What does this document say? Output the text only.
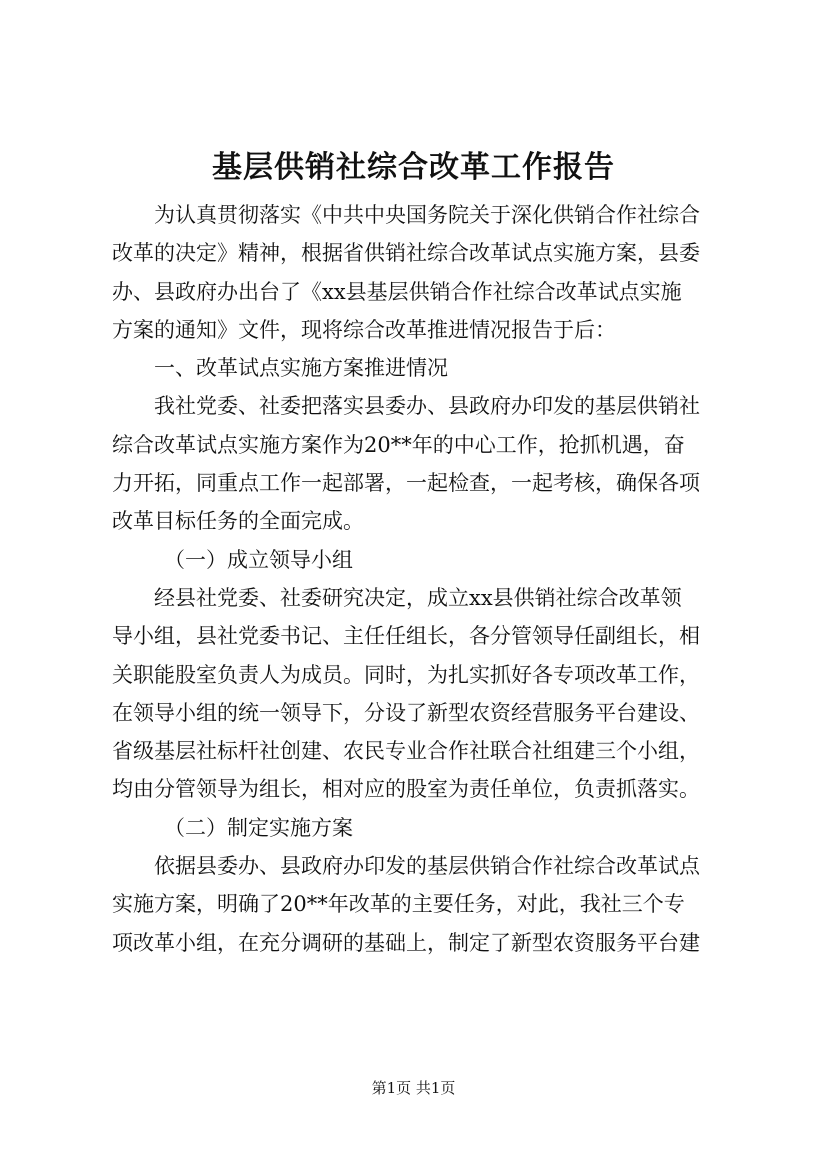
基层供销社综合改革工作报告
为认真贯彻落实《中共中央国务院关于深化供销合作社综合
改革的决定》精神，根据省供销社综合改革试点实施方案，县委
办、县政府办出台了《xx县基层供销合作社综合改革试点实施
方案的通知》文件，现将综合改革推进情况报告于后：
一、改革试点实施方案推进情况
我社党委、社委把落实县委办、县政府办印发的基层供销社
综合改革试点实施方案作为20**年的中心工作，抢抓机遇，奋
力开拓，同重点工作一起部署，一起检查，一起考核，确保各项
改革目标任务的全面完成。
（一）成立领导小组
经县社党委、社委研究决定，成立xx县供销社综合改革领
导小组，县社党委书记、主任任组长，各分管领导任副组长，相
关职能股室负责人为成员。同时，为扎实抓好各专项改革工作，
在领导小组的统一领导下，分设了新型农资经营服务平台建设、
省级基层社标杆社创建、农民专业合作社联合社组建三个小组，
均由分管领导为组长，相对应的股室为责任单位，负责抓落实。
（二）制定实施方案
依据县委办、县政府办印发的基层供销合作社综合改革试点
实施方案，明确了20**年改革的主要任务，对此，我社三个专
项改革小组，在充分调研的基础上，制定了新型农资服务平台建
第1页 共1页
